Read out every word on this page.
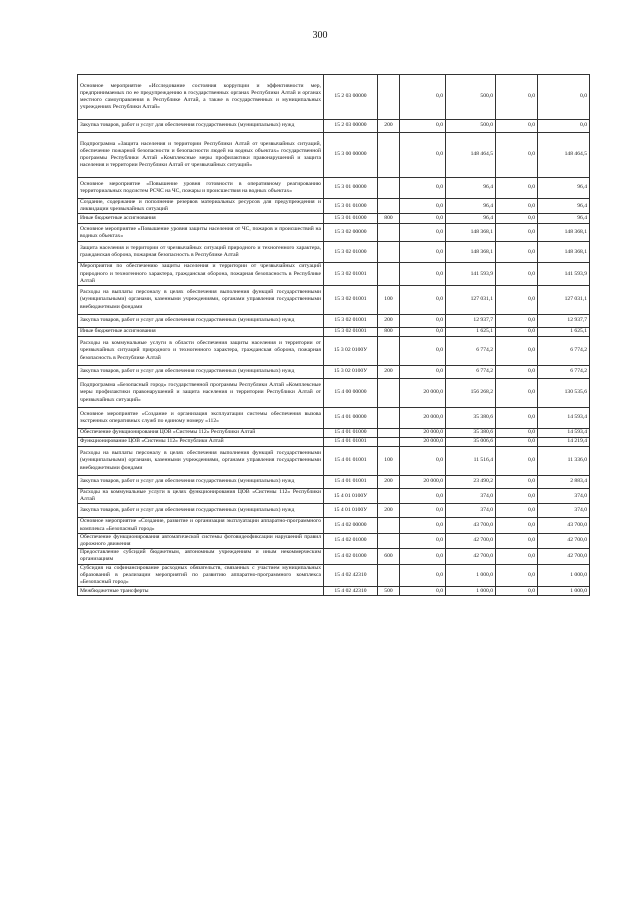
300
Основное мероприятие «Исследование состояния коррупции и эффективности мер, предпринимаемых по ее предупреждению в государственных органах Республики Алтай и органах местного самоуправления в Республике Алтай, а также в государственных и муниципальных учреждениях Республики Алтай»	15 2 03 00000		0,0	500,0	0,0	0,0
Закупка товаров, работ и услуг для обеспечения государственных (муниципальных) нужд	15 2 03 00000	200	0,0	500,0	0,0	0,0
Подпрограмма «Защита населения и территории Республики Алтай от чрезвычайных ситуаций, обеспечение пожарной безопасности и безопасности людей на водных объектах» государственной программы Республики Алтай «Комплексные меры профилактики правонарушений и защита населения и территории Республики Алтай от чрезвычайных ситуаций»	15 3 00 00000		0,0	148 464,5	0,0	148 464,5
Основное мероприятие «Повышение уровня готовности в оперативному реагированию территориальных подсистем РСЧС на ЧС, пожары и происшествия на водных объектах»	15 3 01 00000		0,0	96,4	0,0	96,4
Создание, содержание и пополнение резервов материальных ресурсов для предупреждения и ликвидации чрезвычайных ситуаций	15 3 01 01000		0,0	96,4	0,0	96,4
Иные бюджетные ассигнования	15 3 01 01000	800	0,0	96,4	0,0	96,4
Основное мероприятие «Повышение уровня защиты населения от ЧС, пожаров и происшествий на водных объектах»	15 3 02 00000		0,0	148 368,1	0,0	148 368,1
Защита населения и территории от чрезвычайных ситуаций природного и техногенного характера, гражданская оборона, пожарная безопасность в Республике Алтай	15 3 02 01000		0,0	148 368,1	0,0	148 368,1
Мероприятия по обеспечению защиты населения и территории от чрезвычайных ситуаций природного и техногенного характера, гражданская оборона, пожарная безопасность в Республике Алтай	15 3 02 01001		0,0	141 593,9	0,0	141 593,9
Расходы на выплаты персоналу в целях обеспечения выполнения функций государственными (муниципальными) органами, казенными учреждениями, органами управления государственными внебюджетными фондами	15 3 02 01001	100	0,0	127 031,1	0,0	127 031,1
Закупка товаров, работ и услуг для обеспечения государственных (муниципальных) нужд	15 3 02 01001	200	0,0	12 937,7	0,0	12 937,7
Иные бюджетные ассигнования	15 3 02 01001	800	0,0	1 625,1	0,0	1 625,1
Расходы на коммунальные услуги в области обеспечения защиты населения и территории от чрезвычайных ситуаций природного и техногенного характера, гражданская оборона, пожарная безопасность в Республике Алтай	15 3 02 0100У		0,0	6 774,2	0,0	6 774,2
Закупка товаров, работ и услуг для обеспечения государственных (муниципальных) нужд	15 3 02 0100У	200	0,0	6 774,2	0,0	6 774,2
Подпрограмма «Безопасный город» государственной программы Республики Алтай «Комплексные меры профилактики правонарушений и защита населения и территории Республики Алтай от чрезвычайных ситуаций»	15 4 00 00000		20 000,0	156 268,2	0,0	130 535,6
Основное мероприятие «Создание и организация эксплуатации системы обеспечения вызова экстренных оперативных служб по единому номеру «112»	15 4 01 00000		20 000,0	35 380,6	0,0	14 593,4
Обеспечение функционирования ЦОВ «Системы 112» Республики Алтай	15 4 01 01000		20 000,0	35 380,6	0,0	14 593,4
Функционирование ЦОВ «Системы 112» Республики Алтай	15 4 01 01001		20 000,0	35 006,6	0,0	14 219,4
Расходы на выплаты персоналу в целях обеспечения выполнения функций государственными (муниципальными) органами, казенными учреждениями, органами управления государственными внебюджетными фондами	15 4 01 01001	100	0,0	11 516,4	0,0	11 336,0
Закупка товаров, работ и услуг для обеспечения государственных (муниципальных) нужд	15 4 01 01001	200	20 000,0	23 490,2	0,0	2 883,4
Расходы на коммунальные услуги в целях функционирования ЦОВ «Системы 112» Республики Алтай	15 4 01 0100У		0,0	374,0	0,0	374,0
Закупка товаров, работ и услуг для обеспечения государственных (муниципальных) нужд	15 4 01 0100У	200	0,0	374,0	0,0	374,0
Основное мероприятие «Создание, развитие и организация эксплуатации аппаратно-программного комплекса «Безопасный город»	15 4 02 00000		0,0	43 700,0	0,0	43 700,0
Обеспечение функционирования автоматической системы фотовидеофиксации нарушений правил дорожного движения	15 4 02 01000		0,0	42 700,0	0,0	42 700,0
Предоставление субсидий бюджетным, автономным учреждениям и иным некоммерческим организациям	15 4 02 01000	600	0,0	42 700,0	0,0	42 700,0
Субсидия на софинансирование расходных обязательств, связанных с участием муниципальных образований в реализации мероприятий по развитию аппаратно-программного комплекса «Безопасный город»	15 4 02 42310		0,0	1 000,0	0,0	1 000,0
Межбюджетные трансферты	15 4 02 42310	500	0,0	1 000,0	0,0	1 000,0
